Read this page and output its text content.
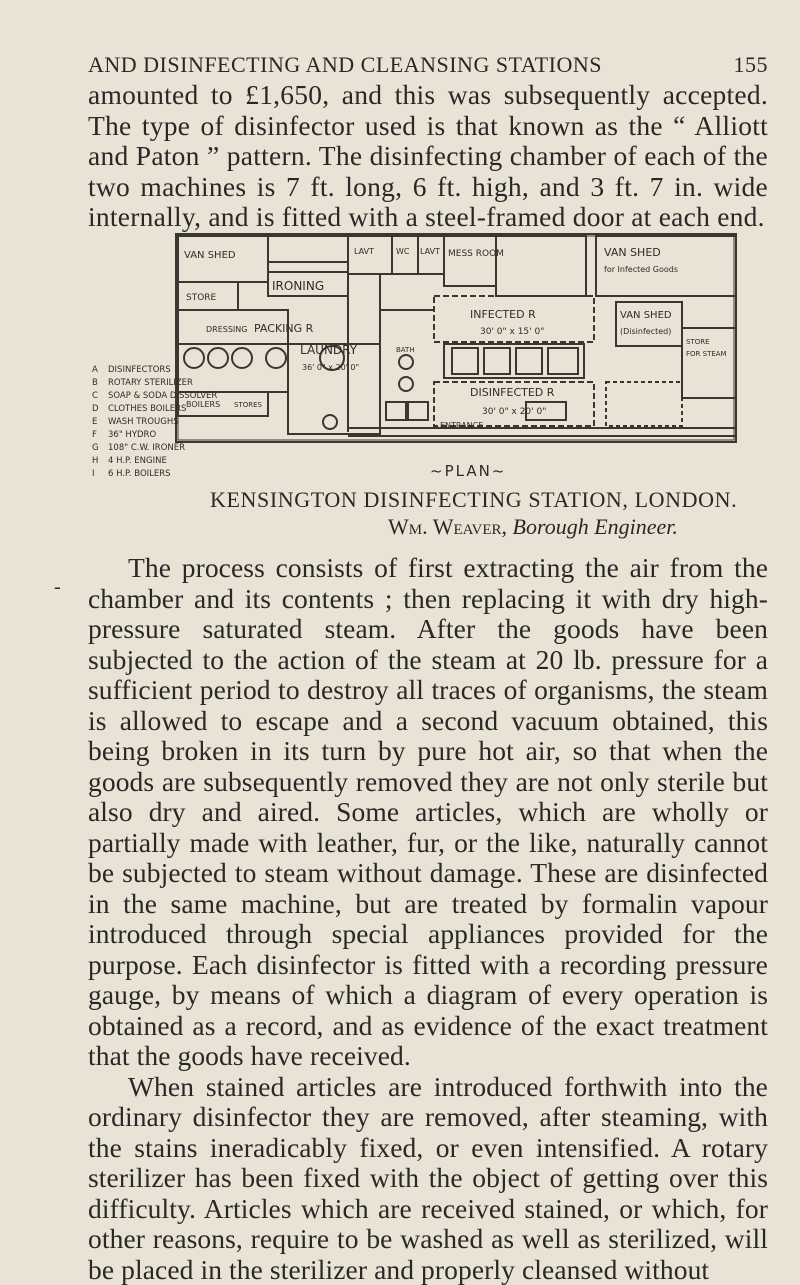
AND DISINFECTING AND CLEANSING STATIONS	155

amounted to £1,650, and this was subsequently accepted. The type of disinfector used is that known as the “ Alliott and Paton ” pattern. The disinfecting chamber of each of the two machines is 7 ft. long, 6 ft. high, and 3 ft. 7 in. wide internally, and is fitted with a steel-framed door at each end.

A DISINFECTORS
B ROTARY STERILIZER
C SOAP & SODA DISSOLVER
D CLOTHES BOILERS
E WASH TROUGHS
F 36" HYDRO
G 108" C.W. IRONER
H 4 H.P. ENGINE
I 6 H.P. BOILERS
VAN SHED
STORE
DRESSING PACKING R
IRONING
LAVT	WC LAVT MESS ROOM	VAN SHED
for Infected Goods
INFECTED R
30' 0" x 15' 0"
VAN SHED
(Disinfected)
LAUNDRY
36' 0" x 20' 0"
DISINFECTED R
30' 0" x 20' 0"
ENTRANCE
BOILERS STORES
BATH
STORE
FOR STEAM
~PLAN~
KENSINGTON DISINFECTING STATION, LONDON.
Wm. Weaver, Borough Engineer.
-

The process consists of first extracting the air from the chamber and its contents ; then replacing it with dry high-pressure saturated steam. After the goods have been subjected to the action of the steam at 20 lb. pressure for a sufficient period to destroy all traces of organisms, the steam is allowed to escape and a second vacuum obtained, this being broken in its turn by pure hot air, so that when the goods are subsequently removed they are not only sterile but also dry and aired. Some articles, which are wholly or partially made with leather, fur, or the like, naturally cannot be subjected to steam without damage. These are disinfected in the same machine, but are treated by formalin vapour introduced through special appliances provided for the purpose. Each disinfector is fitted with a recording pressure gauge, by means of which a diagram of every operation is obtained as a record, and as evidence of the exact treatment that the goods have received.

When stained articles are introduced forthwith into the ordinary disinfector they are removed, after steaming, with the stains ineradicably fixed, or even intensified. A rotary sterilizer has been fixed with the object of getting over this difficulty. Articles which are received stained, or which, for other reasons, require to be washed as well as sterilized, will be placed in the sterilizer and properly cleansed without
